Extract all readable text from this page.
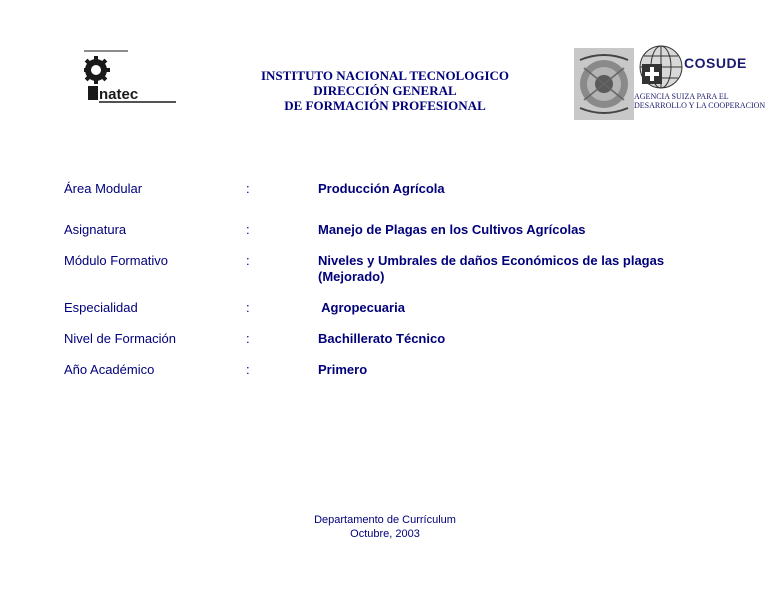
natec
COSUDE
AGENCIA SUIZA PARA EL
DESARROLLO Y LA COOPERACION
INSTITUTO NACIONAL TECNOLOGICO
DIRECCIÓN GENERAL
DE FORMACIÓN PROFESIONAL
Área Modular	:	Producción Agrícola
Asignatura	:	Manejo de Plagas en los Cultivos Agrícolas
Módulo Formativo	:	Niveles y Umbrales de daños Económicos de las plagas
(Mejorado)
Especialidad	:	Agropecuaria
Nivel de Formación	:	Bachillerato Técnico
Año Académico	:	Primero
Departamento de Currículum
Octubre, 2003
